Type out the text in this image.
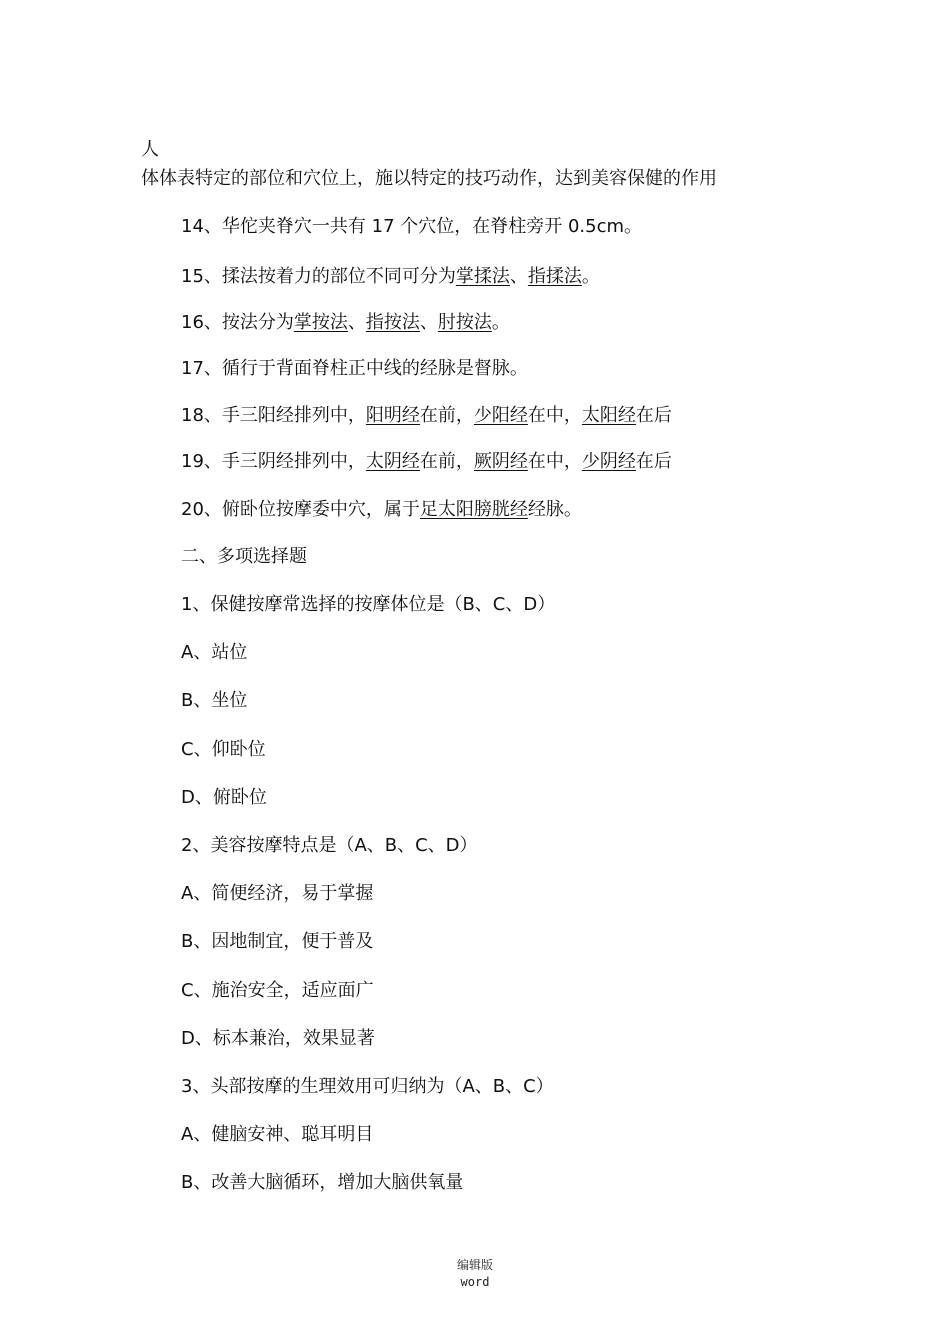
人
体体表特定的部位和穴位上，施以特定的技巧动作，达到美容保健的作用
14、华佗夹脊穴一共有 17 个穴位，在脊柱旁开 0.5cm。
15、揉法按着力的部位不同可分为掌揉法、指揉法。
16、按法分为掌按法、指按法、肘按法。
17、循行于背面脊柱正中线的经脉是督脉。
18、手三阳经排列中，阳明经在前，少阳经在中，太阳经在后
19、手三阴经排列中，太阴经在前，厥阴经在中，少阴经在后
20、俯卧位按摩委中穴，属于足太阳膀胱经经脉。
二、多项选择题
1、保健按摩常选择的按摩体位是（B、C、D）
A、站位
B、坐位
C、仰卧位
D、俯卧位
2、美容按摩特点是（A、B、C、D）
A、简便经济，易于掌握
B、因地制宜，便于普及
C、施治安全，适应面广
D、标本兼治，效果显著
3、头部按摩的生理效用可归纳为（A、B、C）
A、健脑安神、聪耳明目
B、改善大脑循环，增加大脑供氧量
编辑版
word
